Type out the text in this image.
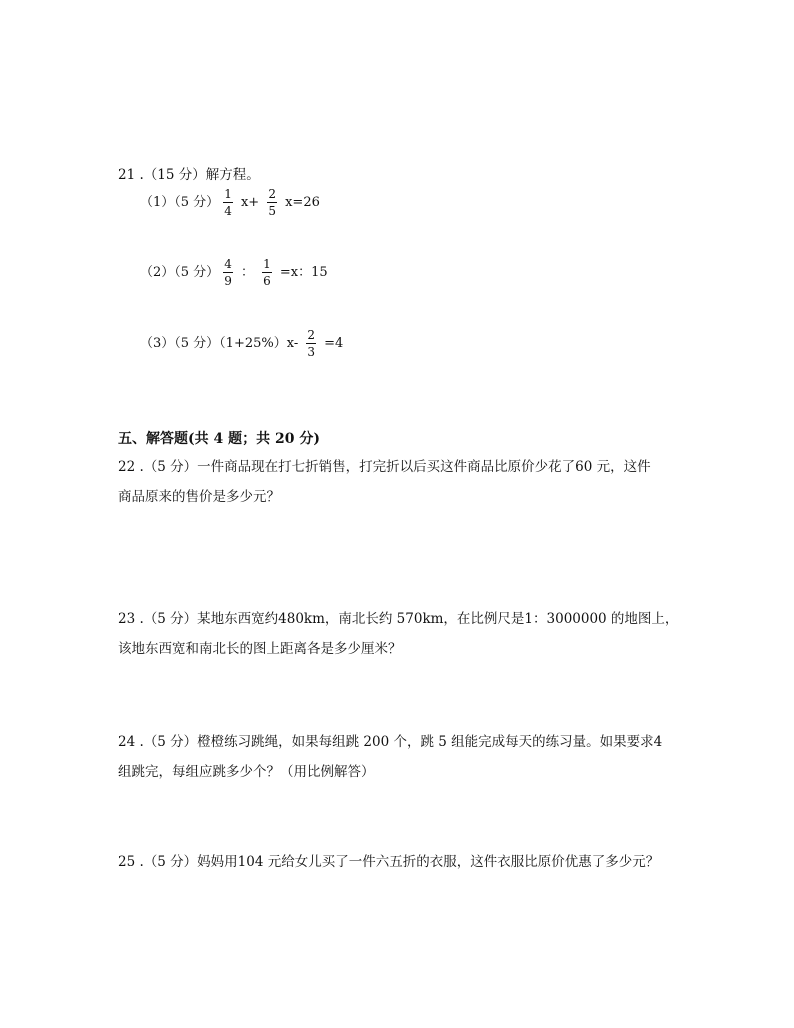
21 .（15 分）解方程。
（1）（5 分） $\frac{1}{4} x+ \frac{2}{5} x=26$
（2）（5 分） $\frac{4}{9}$ ： $\frac{1}{6} =x$：15
（3）（5 分）$(1+25\%)x- \frac{2}{3} =4$
五、解答题(共 4 题；共 20 分)
22 .（5 分）一件商品现在打七折销售，打完折以后买这件商品比原价少花了60 元，这件
商品原来的售价是多少元？
23 .（5 分）某地东西宽约480km，南北长约 570km，在比例尺是1：3000000 的地图上，
该地东西宽和南北长的图上距离各是多少厘米？
24 .（5 分）橙橙练习跳绳，如果每组跳 200 个，跳 5 组能完成每天的练习量。如果要求4
组跳完，每组应跳多少个？（用比例解答）
25 .（5 分）妈妈用104 元给女儿买了一件六五折的衣服，这件衣服比原价优惠了多少元？
